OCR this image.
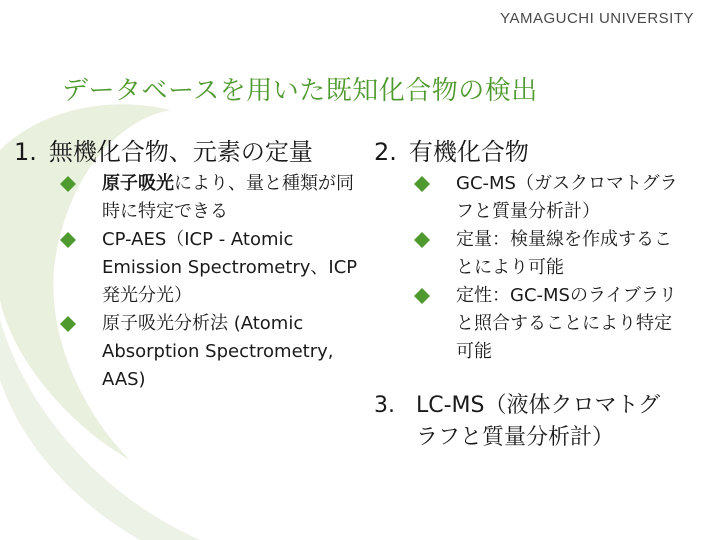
YAMAGUCHI UNIVERSITY
データベースを用いた既知化合物の検出
1. 無機化合物、元素の定量
原子吸光により、量と種類が同時に特定できる
CP-AES（ICP - Atomic Emission Spectrometry、ICP発光分光）
原子吸光分析法 (Atomic Absorption Spectrometry, AAS)
2. 有機化合物
GC-MS（ガスクロマトグラフと質量分析計）
定量：検量線を作成することにより可能
定性：GC-MSのライブラリと照合することにより特定可能
3. LC-MS（液体クロマトグラフと質量分析計）
